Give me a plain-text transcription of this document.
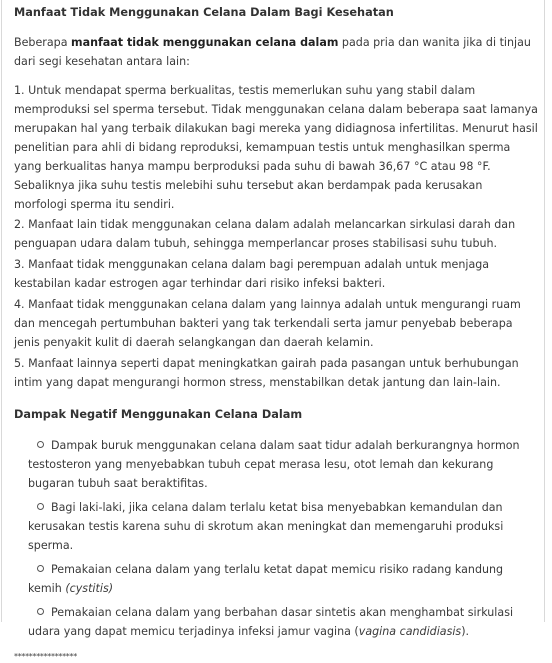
Manfaat Tidak Menggunakan Celana Dalam Bagi Kesehatan

Beberapa manfaat tidak menggunakan celana dalam pada pria dan wanita jika di tinjau dari segi kesehatan antara lain:

1. Untuk mendapat sperma berkualitas, testis memerlukan suhu yang stabil dalam memproduksi sel sperma tersebut. Tidak menggunakan celana dalam beberapa saat lamanya merupakan hal yang terbaik dilakukan bagi mereka yang didiagnosa infertilitas. Menurut hasil penelitian para ahli di bidang reproduksi, kemampuan testis untuk menghasilkan sperma yang berkualitas hanya mampu berproduksi pada suhu di bawah 36,67 °C atau 98 °F. Sebaliknya jika suhu testis melebihi suhu tersebut akan berdampak pada kerusakan morfologi sperma itu sendiri.

2. Manfaat lain tidak menggunakan celana dalam adalah melancarkan sirkulasi darah dan penguapan udara dalam tubuh, sehingga memperlancar proses stabilisasi suhu tubuh.

3. Manfaat tidak menggunakan celana dalam bagi perempuan adalah untuk menjaga kestabilan kadar estrogen agar terhindar dari risiko infeksi bakteri.

4. Manfaat tidak menggunakan celana dalam yang lainnya adalah untuk mengurangi ruam dan mencegah pertumbuhan bakteri yang tak terkendali serta jamur penyebab beberapa jenis penyakit kulit di daerah selangkangan dan daerah kelamin.

5. Manfaat lainnya seperti dapat meningkatkan gairah pada pasangan untuk berhubungan intim yang dapat mengurangi hormon stress, menstabilkan detak jantung dan lain-lain.

Dampak Negatif Menggunakan Celana Dalam
Dampak buruk menggunakan celana dalam saat tidur adalah berkurangnya hormon testosteron yang menyebabkan tubuh cepat merasa lesu, otot lemah dan kekurang bugaran tubuh saat beraktifitas.
Bagi laki-laki, jika celana dalam terlalu ketat bisa menyebabkan kemandulan dan kerusakan testis karena suhu di skrotum akan meningkat dan memengaruhi produksi sperma.
Pemakaian celana dalam yang terlalu ketat dapat memicu risiko radang kandung kemih (cystitis)
Pemakaian celana dalam yang berbahan dasar sintetis akan menghambat sirkulasi udara yang dapat memicu terjadinya infeksi jamur vagina (vagina candidiasis).
*****************
